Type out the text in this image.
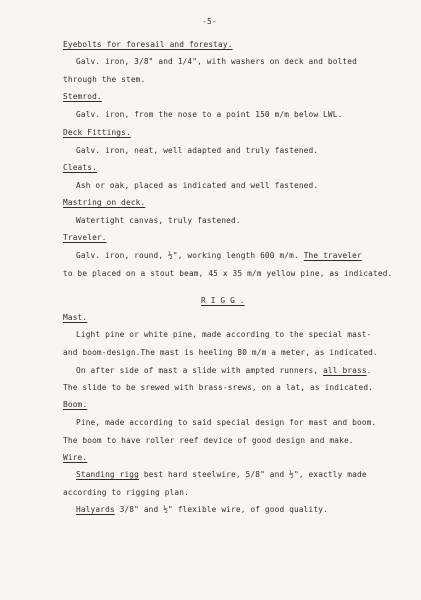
-5-
Eyebolts for foresail and forestay.
Galv. iron, 3/8" and 1/4", with washers on deck and bolted
through the stem.
Stemrod.
Galv. iron, from the nose to a point 150 m/m below LWL.
Deck Fittings.
Galv. iron, neat, well adapted and truly fastened.
Cleats.
Ash or oak, placed as indicated and well fastened.
Mastring on deck.
Watertight canvas, truly fastened.
Traveler.
Galv. iron, round, ½", working length 600 m/m. The traveler
to be placed on a stout beam, 45 x 35 m/m yellow pine, as indicated.
R I G G .
Mast.
Light pine or white pine, made according to the special mast-
and boom-design.The mast is heeling 80 m/m a meter, as indicated.
On after side of mast a slide with ampted runners, all brass.
The slide to be srewed with brass-srews, on a lat, as indicated.
Boom.
Pine, made according to said special design for mast and boom.
The boom to have roller reef device of good design and make.
Wire.
Standing rigg best hard steelwire, 5/8" and ½", exactly made
according to rigging plan.
Halyards 3/8" and ½" flexible wire, of good quality.
